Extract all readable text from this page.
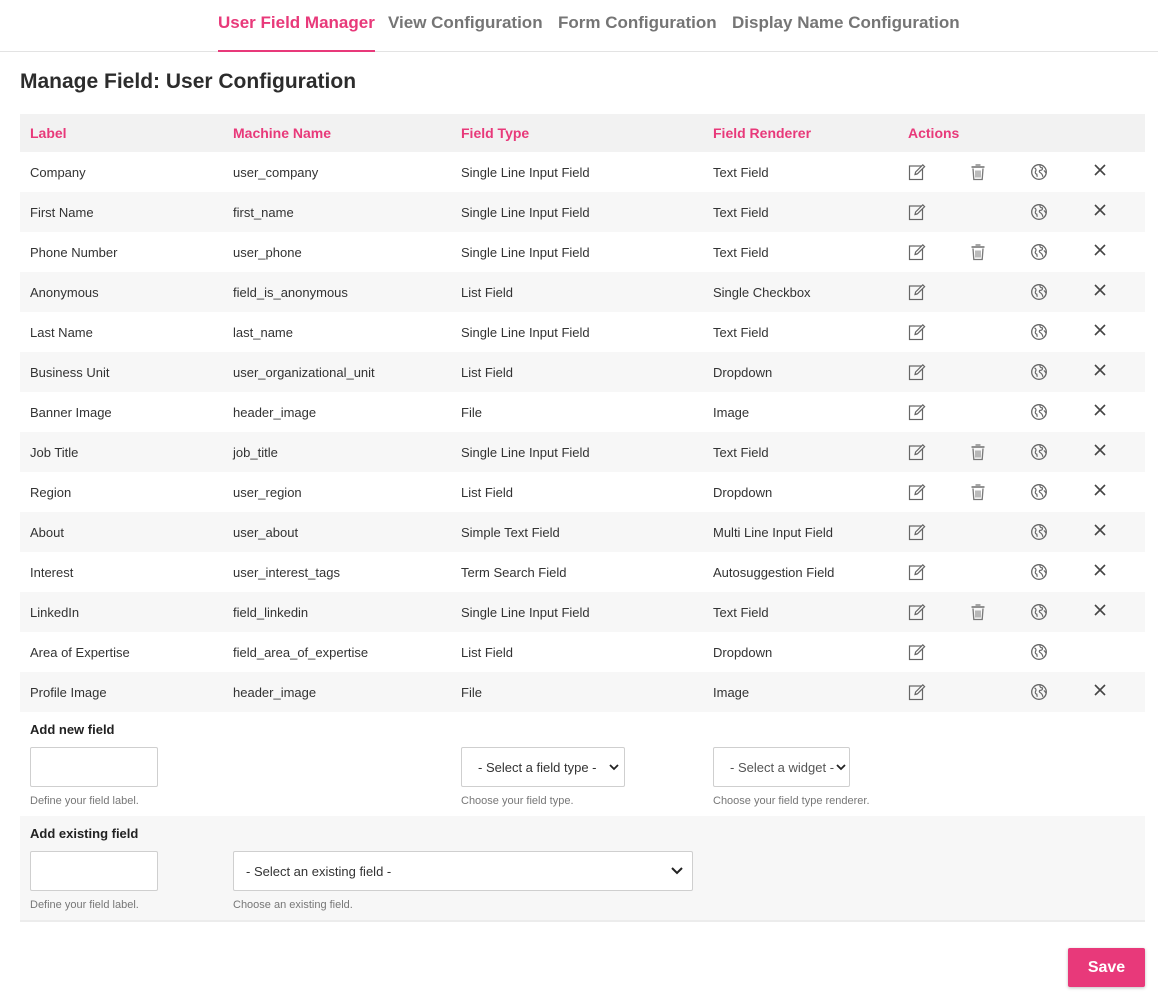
User Field Manager View Configuration Form Configuration Display Name Configuration
Manage Field: User Configuration
Label	Machine Name	Field Type	Field Renderer	Actions			
Company	user_company	Single Line Input Field	Text Field	

First Name	first_name	Single Line Input Field	Text Field	

Phone Number	user_phone	Single Line Input Field	Text Field	

Anonymous	field_is_anonymous	List Field	Single Checkbox	

Last Name	last_name	Single Line Input Field	Text Field	

Business Unit	user_organizational_unit	List Field	Dropdown	

Banner Image	header_image	File	Image	

Job Title	job_title	Single Line Input Field	Text Field	

Region	user_region	List Field	Dropdown	

About	user_about	Simple Text Field	Multi Line Input Field	

Interest	user_interest_tags	Term Search Field	Autosuggestion Field	

LinkedIn	field_linkedin	Single Line Input Field	Text Field	

Area of Expertise	field_area_of_expertise	List Field	Dropdown	

Profile Image	header_image	File	Image	

Add new field
Define your field label.
- Select a field type -
Choose your field type.
- Select a widget -
Choose your field type renderer.
Add existing field
Define your field label.
- Select an existing field -
Choose an existing field.
Save
